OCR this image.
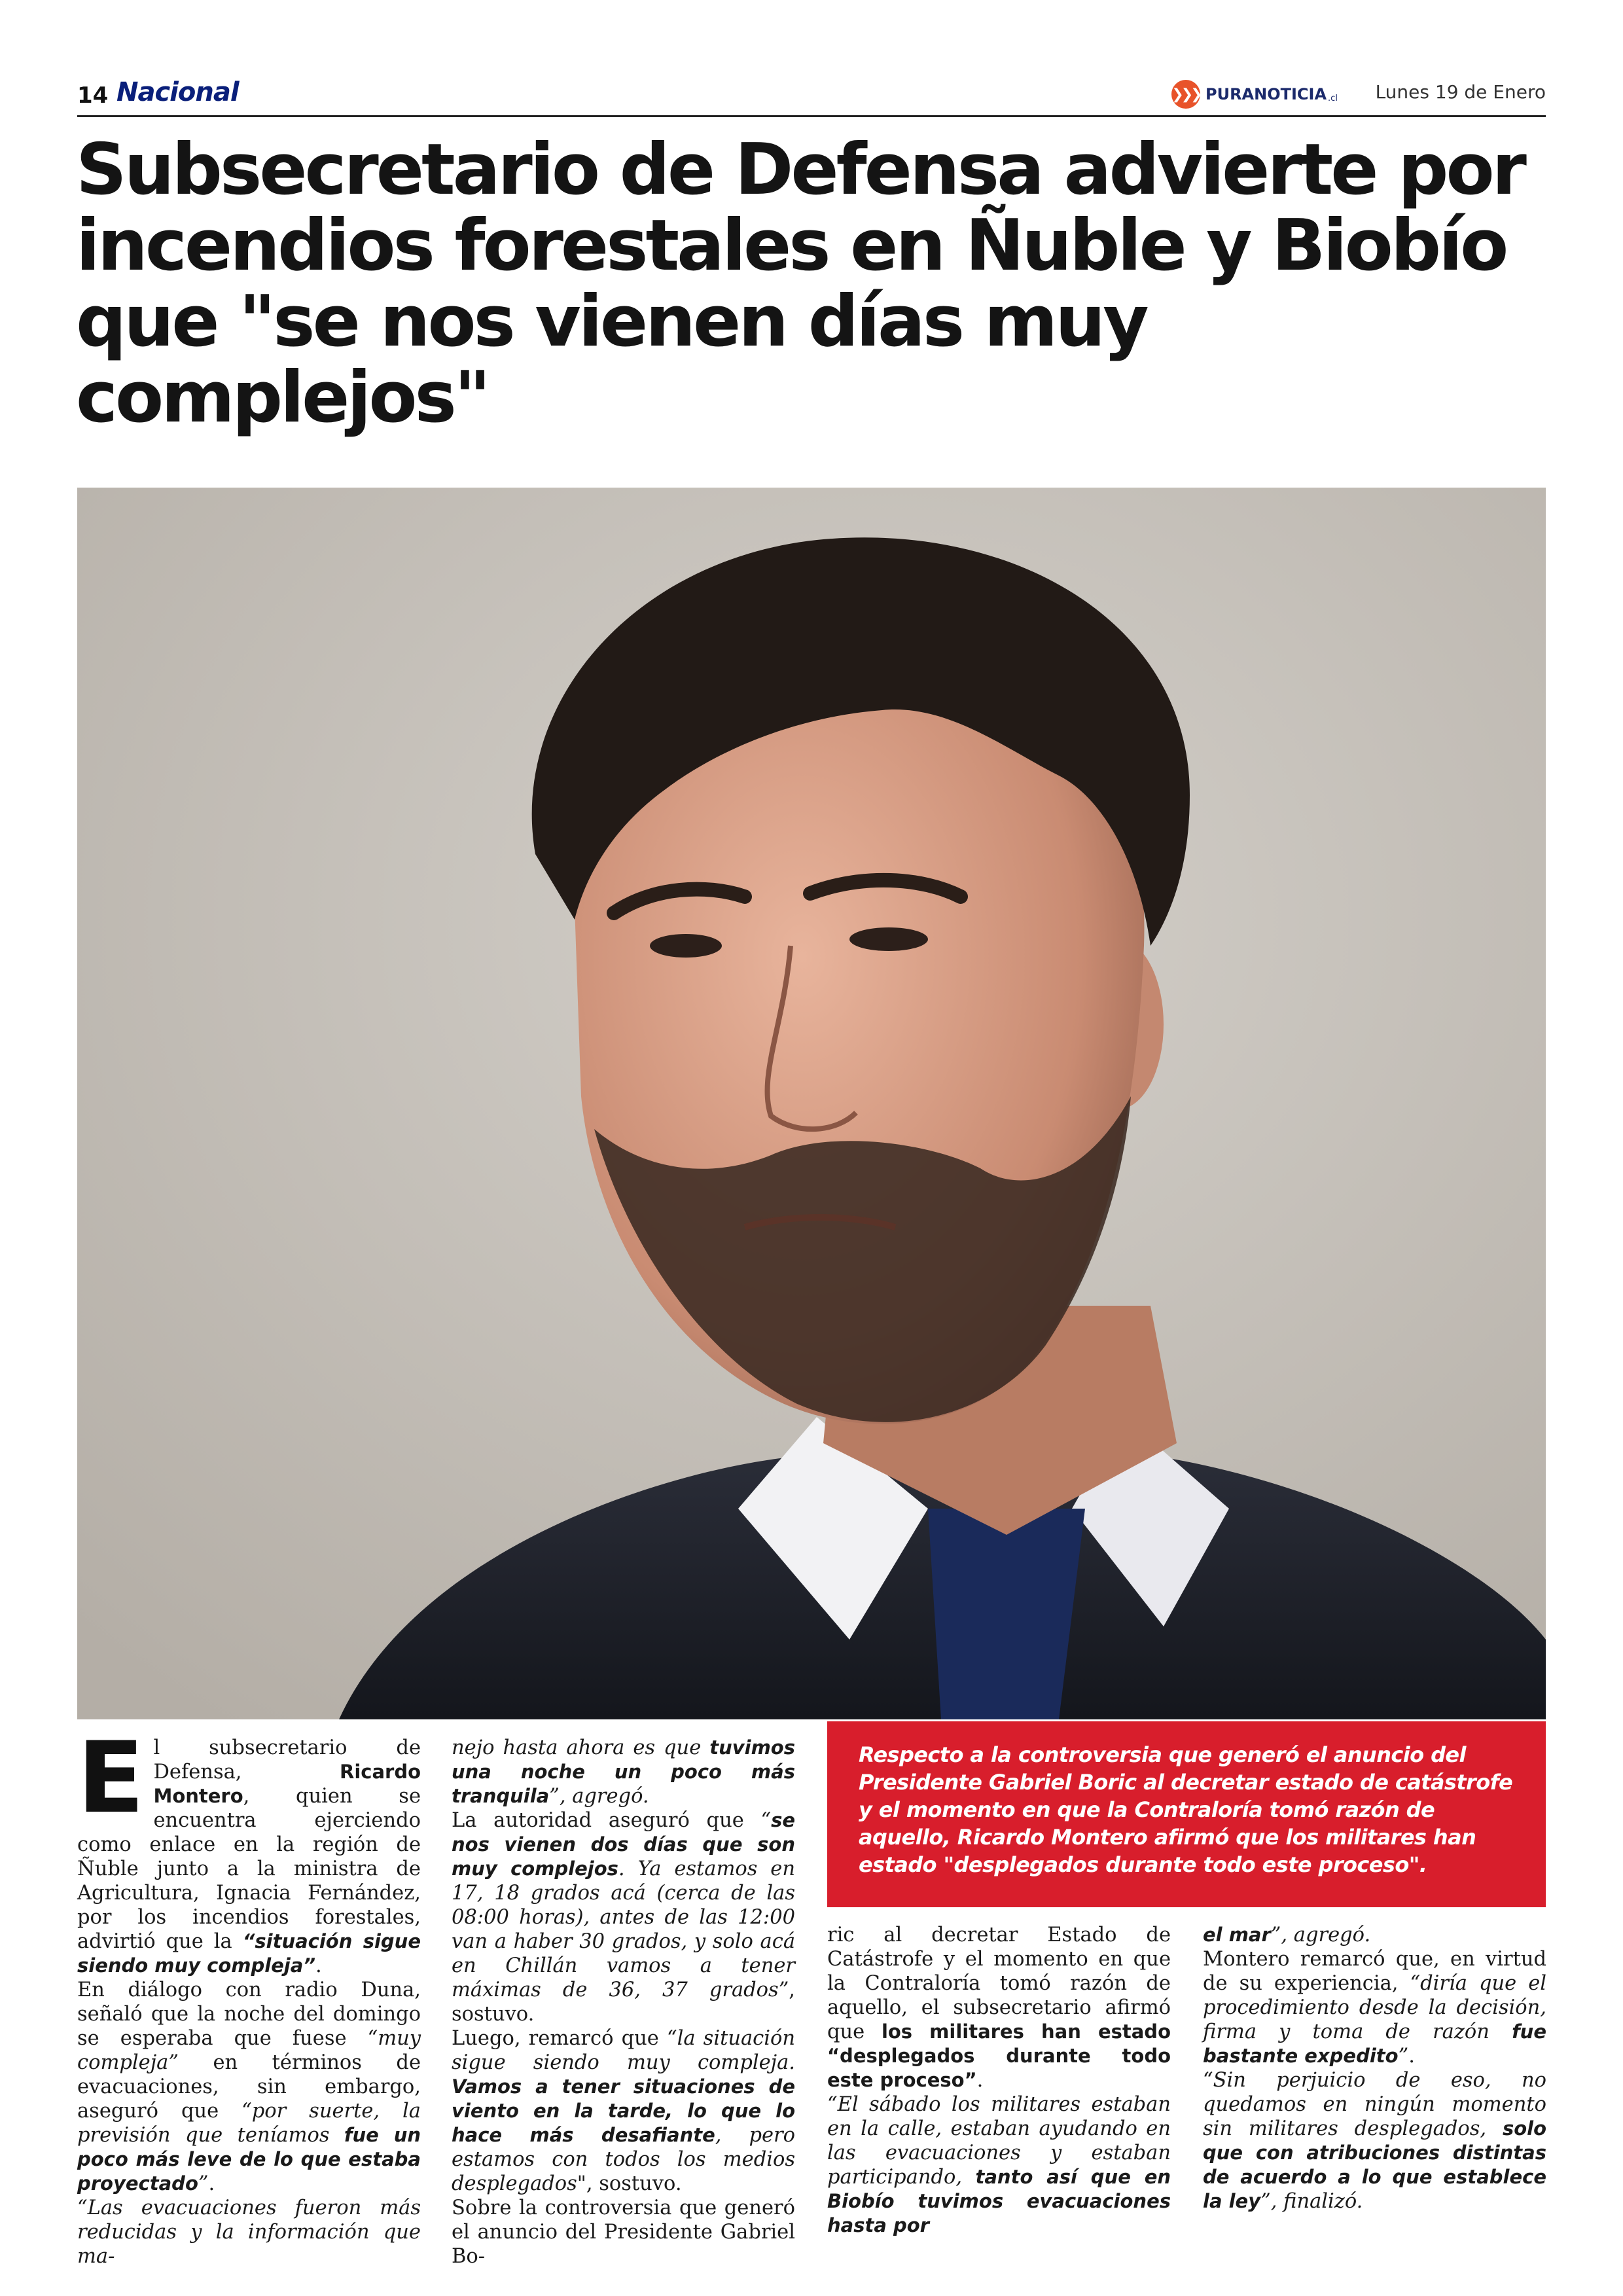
14 Nacional	❯❯❯ PURANOTICIA .cl Lunes 19 de Enero
Subsecretario de Defensa advierte por incendios forestales en Ñuble y Biobío que "se nos vienen días muy complejos"
E l subsecretario de Defensa, Ricardo Montero, quien se encuentra ejerciendo como enlace en la región de Ñuble junto a la ministra de Agricultura, Ignacia Fernández, por los incendios forestales, advirtió que la “situación sigue siendo muy compleja”.

En diálogo con radio Duna, señaló que la noche del domingo se esperaba que fuese “muy compleja” en términos de evacuaciones, sin embargo, aseguró que “por suerte, la previsión que teníamos fue un poco más leve de lo que estaba proyectado”.

“Las evacuaciones fueron más reducidas y la información que ma-

nejo hasta ahora es que tuvimos una noche un poco más tranquila”, agregó.

La autoridad aseguró que “se nos vienen dos días que son muy complejos. Ya estamos en 17, 18 grados acá (cerca de las 08:00 horas), antes de las 12:00 van a haber 30 grados, y solo acá en Chillán vamos a tener máximas de 36, 37 grados”, sostuvo.

Luego, remarcó que “la situación sigue siendo muy compleja. Vamos a tener situaciones de viento en la tarde, lo que lo hace más desafiante, pero estamos con todos los medios desplegados", sostuvo.

Sobre la controversia que generó el anuncio del Presidente Gabriel Bo-

ric al decretar Estado de Catástrofe y el momento en que la Contraloría tomó razón de aquello, el subsecretario afirmó que los militares han estado “desplegados durante todo este proceso”.

“El sábado los militares estaban en la calle, estaban ayudando en las evacuaciones y estaban participando, tanto así que en Biobío tuvimos evacuaciones hasta por

el mar”, agregó.

Montero remarcó que, en virtud de su experiencia, “diría que el procedimiento desde la decisión, firma y toma de razón fue bastante expedito”.

“Sin perjuicio de eso, no quedamos en ningún momento sin militares desplegados, solo que con atribuciones distintas de acuerdo a lo que establece la ley”, finalizó.

Respecto a la controversia que generó el anuncio del Presidente Gabriel Boric al decretar estado de catástrofe y el momento en que la Contraloría tomó razón de aquello, Ricardo Montero afirmó que los militares han estado "desplegados durante todo este proceso".
